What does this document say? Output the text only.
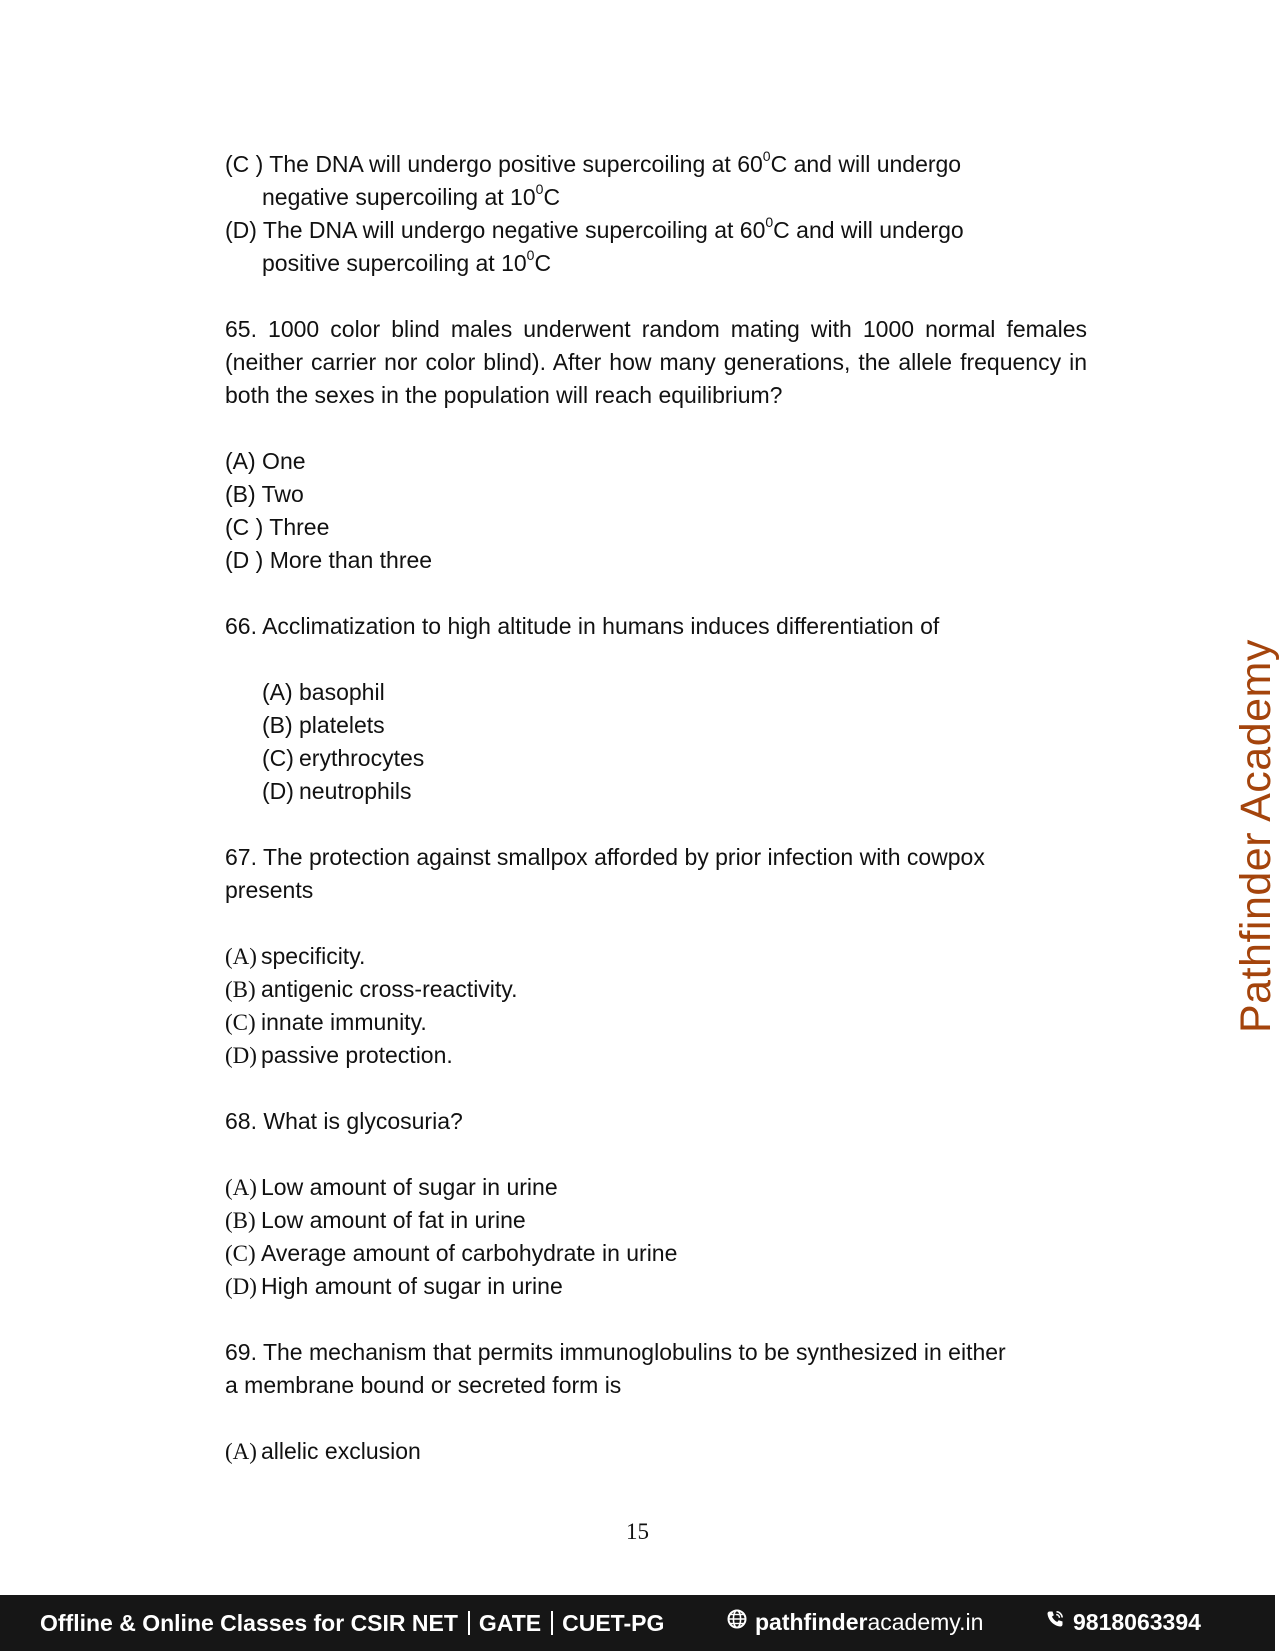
(C ) The DNA will undergo positive supercoiling at $60^0C$ and will undergo
negative supercoiling at $10^0C$
(D) The DNA will undergo negative supercoiling at $60^0C$ and will undergo
positive supercoiling at $10^0C$
65. 1000 color blind males underwent random mating with 1000 normal females (neither carrier nor color blind). After how many generations, the allele frequency in both the sexes in the population will reach equilibrium?
(A) One
(B) Two
(C ) Three
(D ) More than three
66. Acclimatization to high altitude in humans induces differentiation of
(A) basophil
(B) platelets
(C) erythrocytes
(D) neutrophils
67. The protection against smallpox afforded by prior infection with cowpox
presents
(A) specificity.
(B) antigenic cross-reactivity.
(C) innate immunity.
(D) passive protection.
68. What is glycosuria?
(A) Low amount of sugar in urine
(B) Low amount of fat in urine
(C) Average amount of carbohydrate in urine
(D) High amount of sugar in urine
69. The mechanism that permits immunoglobulins to be synthesized in either
a membrane bound or secreted form is
(A) allelic exclusion
Pathfinder Academy
15
Offline & Online Classes for CSIR NET GATE CUET-PG	pathfinderacademy.in	9818063394
